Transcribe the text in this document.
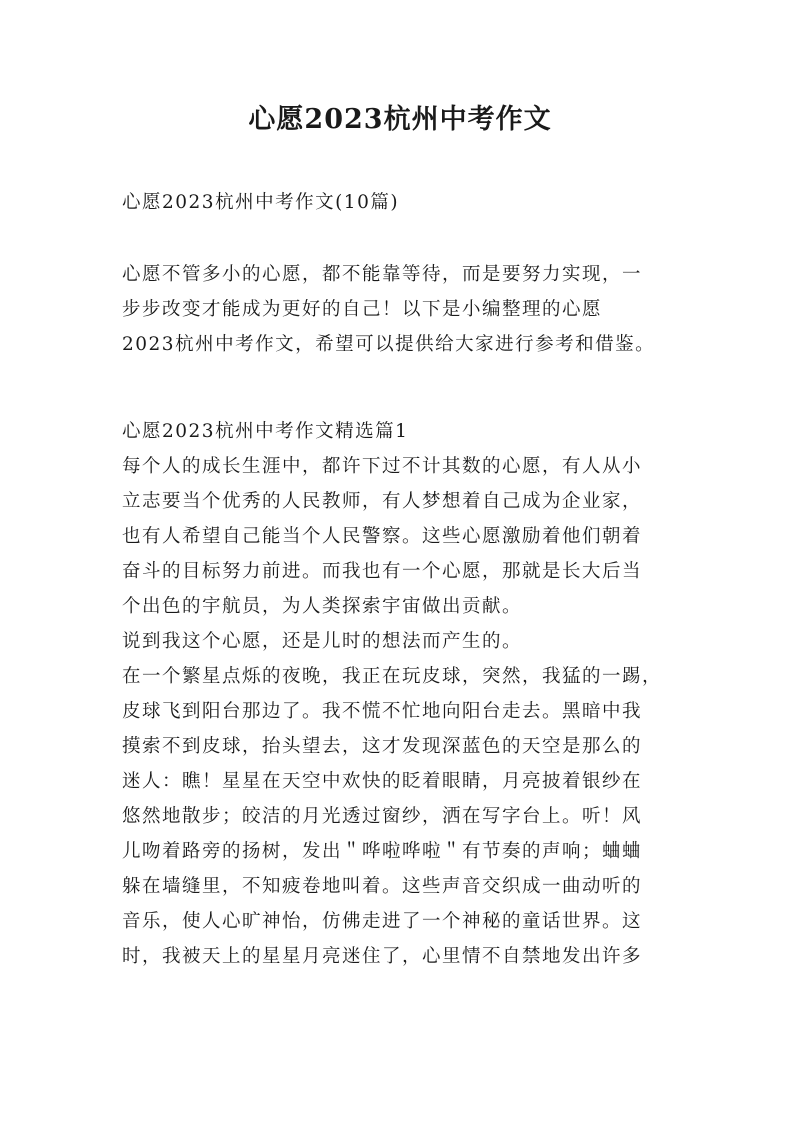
心愿2023杭州中考作文

心愿2023杭州中考作文(10篇)

心愿不管多小的心愿，都不能靠等待，而是要努力实现，一

步步改变才能成为更好的自己！以下是小编整理的心愿

2023杭州中考作文，希望可以提供给大家进行参考和借鉴。

心愿2023杭州中考作文精选篇1

每个人的成长生涯中，都许下过不计其数的心愿，有人从小

立志要当个优秀的人民教师，有人梦想着自己成为企业家，

也有人希望自己能当个人民警察。这些心愿激励着他们朝着

奋斗的目标努力前进。而我也有一个心愿，那就是长大后当

个出色的宇航员，为人类探索宇宙做出贡献。

说到我这个心愿，还是儿时的想法而产生的。

在一个繁星点烁的夜晚，我正在玩皮球，突然，我猛的一踢，

皮球飞到阳台那边了。我不慌不忙地向阳台走去。黑暗中我

摸索不到皮球，抬头望去，这才发现深蓝色的天空是那么的

迷人：瞧！星星在天空中欢快的眨着眼睛，月亮披着银纱在

悠然地散步；皎洁的月光透过窗纱，洒在写字台上。听！风

儿吻着路旁的扬树，发出＂哗啦哗啦＂有节奏的声响；蛐蛐

躲在墙缝里，不知疲卷地叫着。这些声音交织成一曲动听的

音乐，使人心旷神怡，仿佛走进了一个神秘的童话世界。这

时，我被天上的星星月亮迷住了，心里情不自禁地发出许多
